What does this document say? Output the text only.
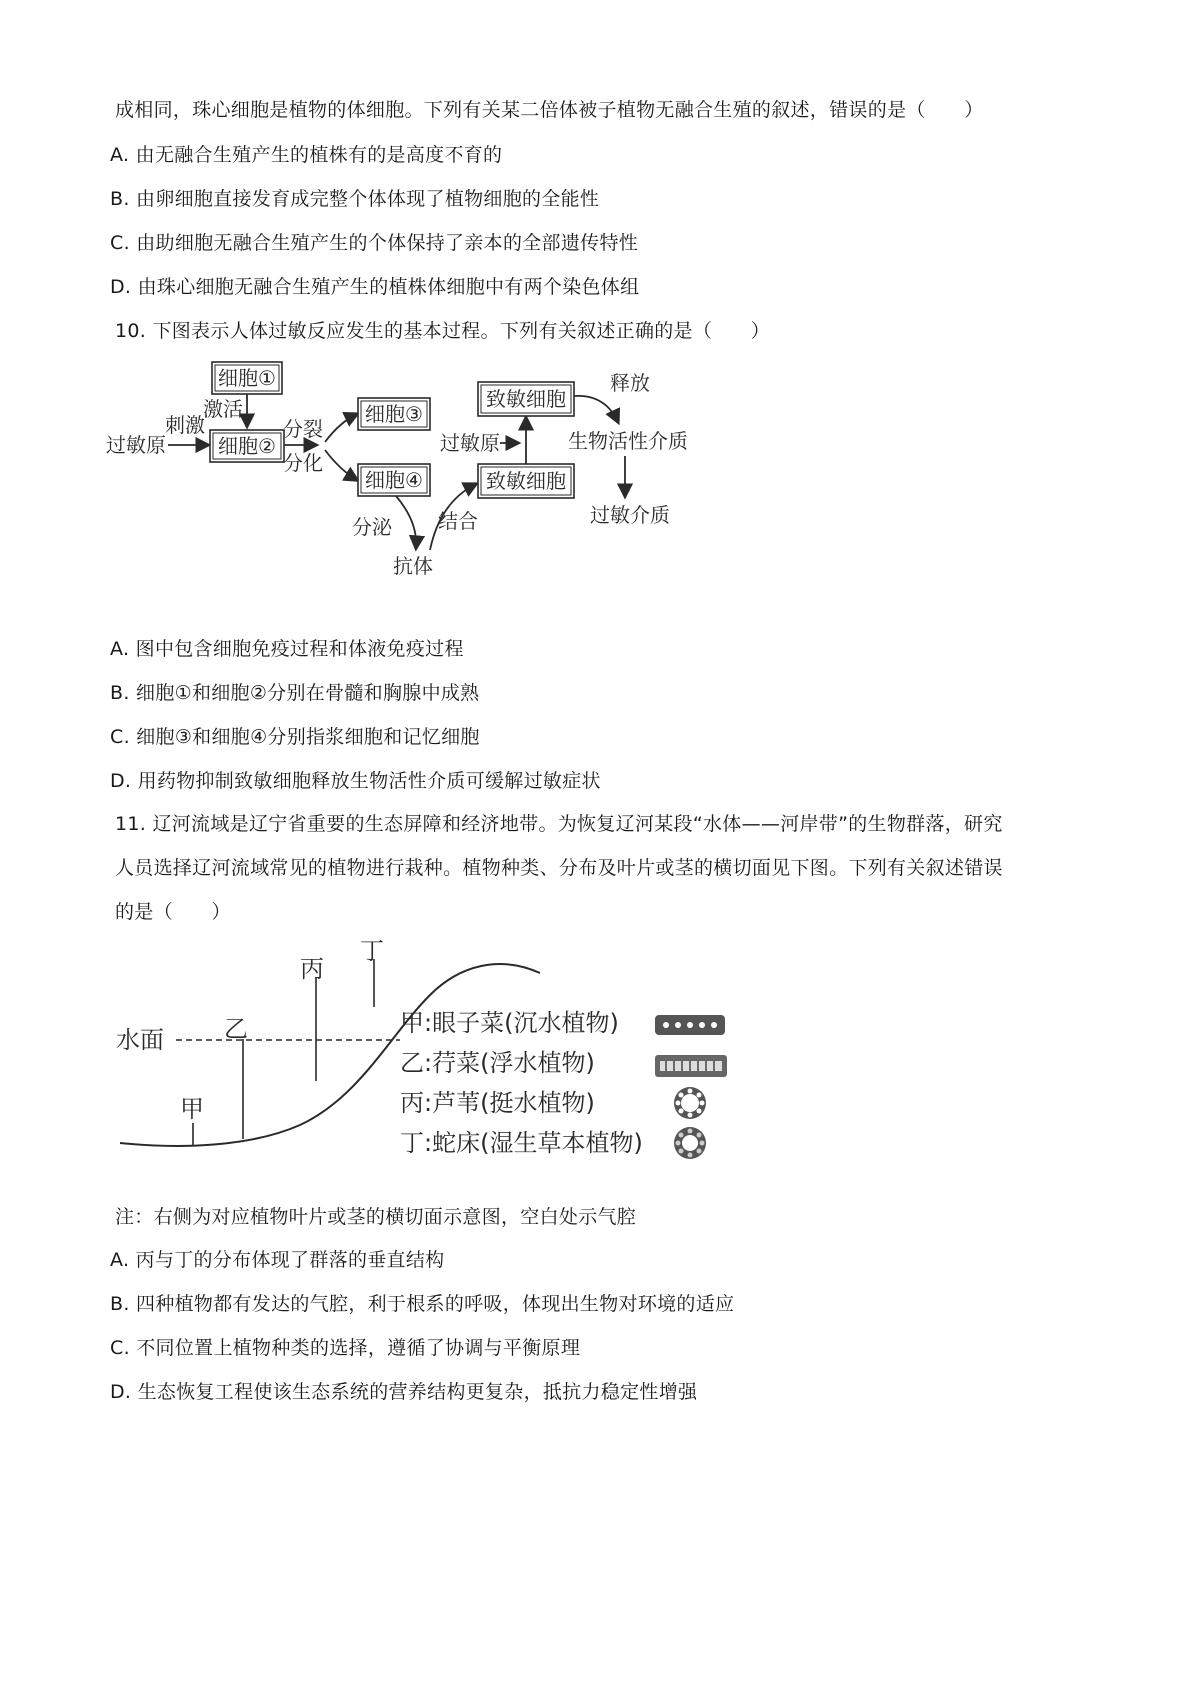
成相同，珠心细胞是植物的体细胞。下列有关某二倍体被子植物无融合生殖的叙述，错误的是（　　）
A. 由无融合生殖产生的植株有的是高度不育的
B. 由卵细胞直接发育成完整个体体现了植物细胞的全能性
C. 由助细胞无融合生殖产生的个体保持了亲本的全部遗传特性
D. 由珠心细胞无融合生殖产生的植株体细胞中有两个染色体组
10. 下图表示人体过敏反应发生的基本过程。下列有关叙述正确的是（　　）
细胞①
激活
过敏原
刺激
细胞②
分裂
分化
细胞③
细胞④
分泌
抗体
结合
致敏细胞
过敏原
致敏细胞
释放
生物活性介质
过敏介质
A. 图中包含细胞免疫过程和体液免疫过程
B. 细胞①和细胞②分别在骨髓和胸腺中成熟
C. 细胞③和细胞④分别指浆细胞和记忆细胞
D. 用药物抑制致敏细胞释放生物活性介质可缓解过敏症状
11. 辽河流域是辽宁省重要的生态屏障和经济地带。为恢复辽河某段“水体——河岸带”的生物群落，研究
人员选择辽河流域常见的植物进行栽种。植物种类、分布及叶片或茎的横切面见下图。下列有关叙述错误
的是（　　）
水面
甲
乙
丙
丁
甲:眼子菜(沉水植物)
乙:荇菜(浮水植物)
丙:芦苇(挺水植物)
丁:蛇床(湿生草本植物)
注：右侧为对应植物叶片或茎的横切面示意图，空白处示气腔
A. 丙与丁的分布体现了群落的垂直结构
B. 四种植物都有发达的气腔，利于根系的呼吸，体现出生物对环境的适应
C. 不同位置上植物种类的选择，遵循了协调与平衡原理
D. 生态恢复工程使该生态系统的营养结构更复杂，抵抗力稳定性增强
